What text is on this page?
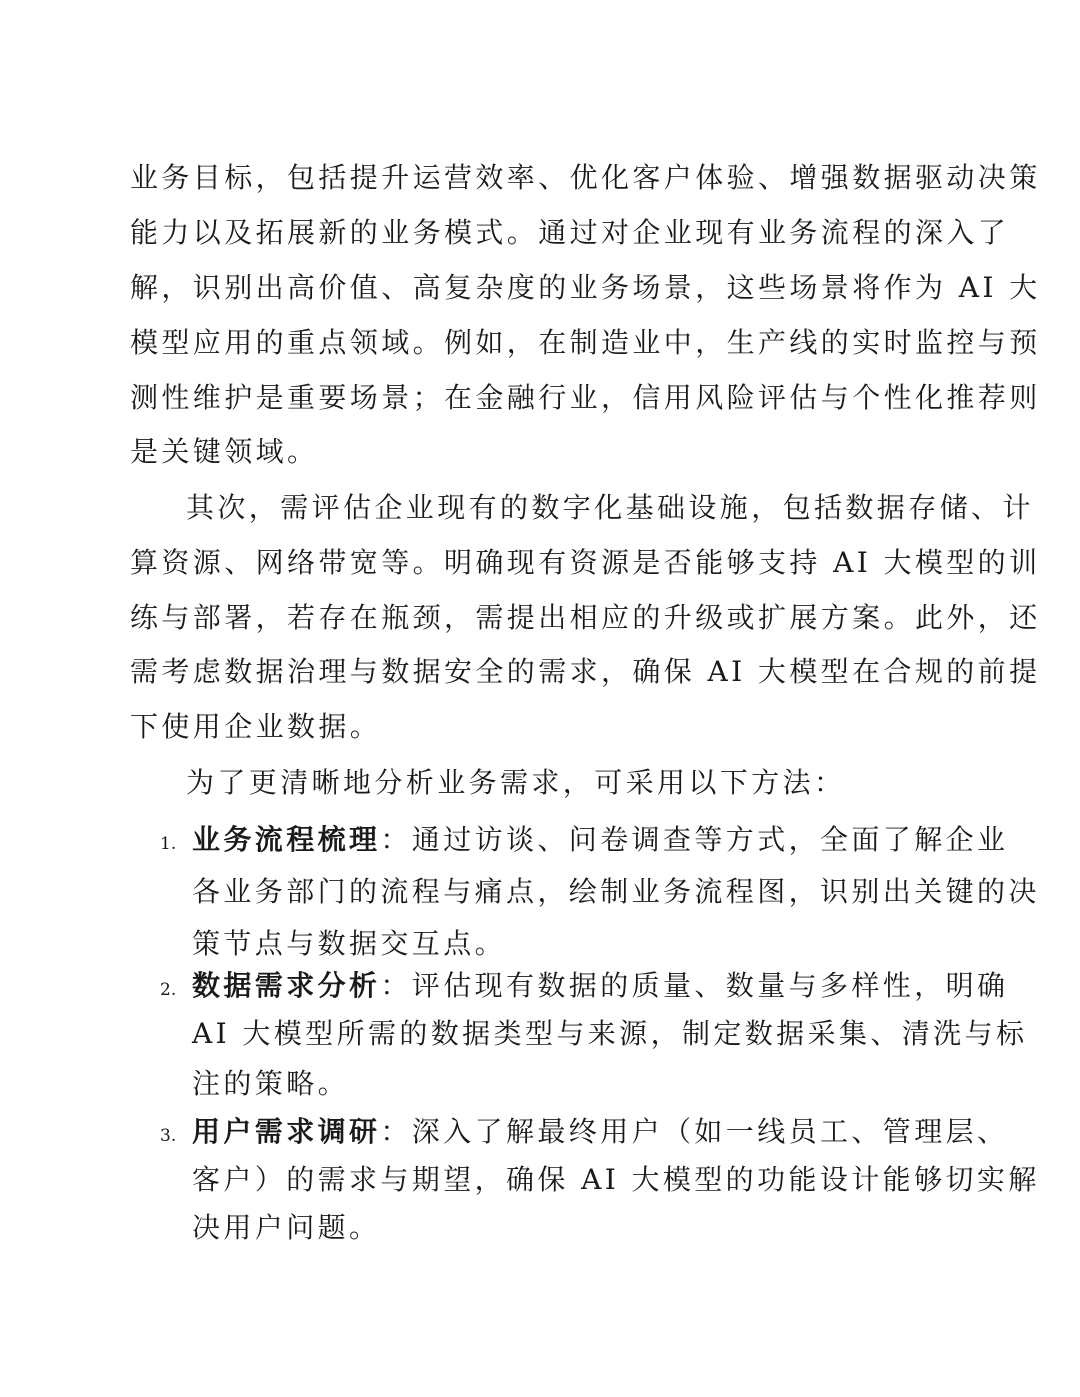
业务目标，包括提升运营效率、优化客户体验、增强数据驱动决策
能力以及拓展新的业务模式。通过对企业现有业务流程的深入了
解，识别出高价值、高复杂度的业务场景，这些场景将作为 AI 大
模型应用的重点领域。例如，在制造业中，生产线的实时监控与预
测性维护是重要场景；在金融行业，信用风险评估与个性化推荐则
是关键领域。
其次，需评估企业现有的数字化基础设施，包括数据存储、计
算资源、网络带宽等。明确现有资源是否能够支持 AI 大模型的训
练与部署，若存在瓶颈，需提出相应的升级或扩展方案。此外，还
需考虑数据治理与数据安全的需求，确保 AI 大模型在合规的前提
下使用企业数据。
为了更清晰地分析业务需求，可采用以下方法：
1. 业务流程梳理：通过访谈、问卷调查等方式，全面了解企业
各业务部门的流程与痛点，绘制业务流程图，识别出关键的决
策节点与数据交互点。
2. 数据需求分析：评估现有数据的质量、数量与多样性，明确
AI 大模型所需的数据类型与来源，制定数据采集、清洗与标
注的策略。
3. 用户需求调研：深入了解最终用户（如一线员工、管理层、
客户）的需求与期望，确保 AI 大模型的功能设计能够切实解
决用户问题。
